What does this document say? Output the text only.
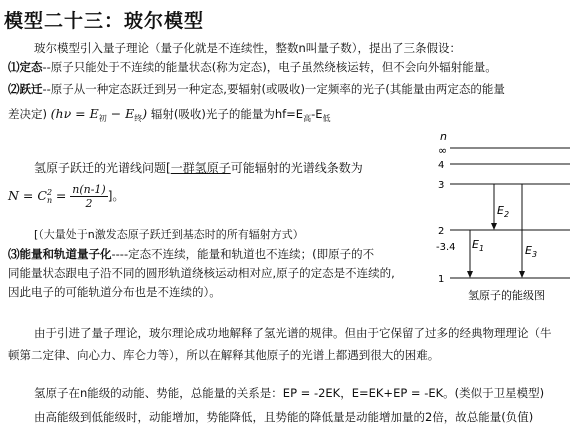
模型二十三：玻尔模型
玻尔模型引入量子理论（量子化就是不连续性，整数n叫量子数），提出了三条假设：
⑴定态--原子只能处于不连续的能量状态(称为定态)，电子虽然绕核运转，但不会向外辐射能量。
⑵跃迁--原子从一种定态跃迁到另一种定态,要辐射(或吸收)一定频率的光子(其能量由两定态的能量
差决定) $(h\nu = E_初 - E_终)$ 辐射(吸收)光子的能量为$hf=E_高-E_低$
氢原子跃迁的光谱线问题[一群氢原子可能辐射的光谱线条数为
N = C2
$n = \frac{n(n-1)}{2}$ ]。
[（大量处于n激发态原子跃迁到基态时的所有辐射方式）
⑶能量和轨道量子化----定态不连续，能量和轨道也不连续；(即原子的不
同能量状态跟电子沿不同的圆形轨道绕核运动相对应,原子的定态是不连续的,
因此电子的可能轨道分布也是不连续的）。
由于引进了量子理论，玻尔理论成功地解释了氢光谱的规律。但由于它保留了过多的经典物理理论（牛
顿第二定律、向心力、库仑力等），所以在解释其他原子的光谱上都遇到很大的困难。
氢原子在n能级的动能、势能，总能量的关系是：EP = -2EK，E=EK+EP = -EK。(类似于卫星模型)
由高能级到低能级时，动能增加，势能降低，且势能的降低量是动能增加量的2倍，故总能量(负值)
n
∞
4
3
2
-3.4
1
$E_1$
$E_2$
$E_3$
氢原子的能级图
